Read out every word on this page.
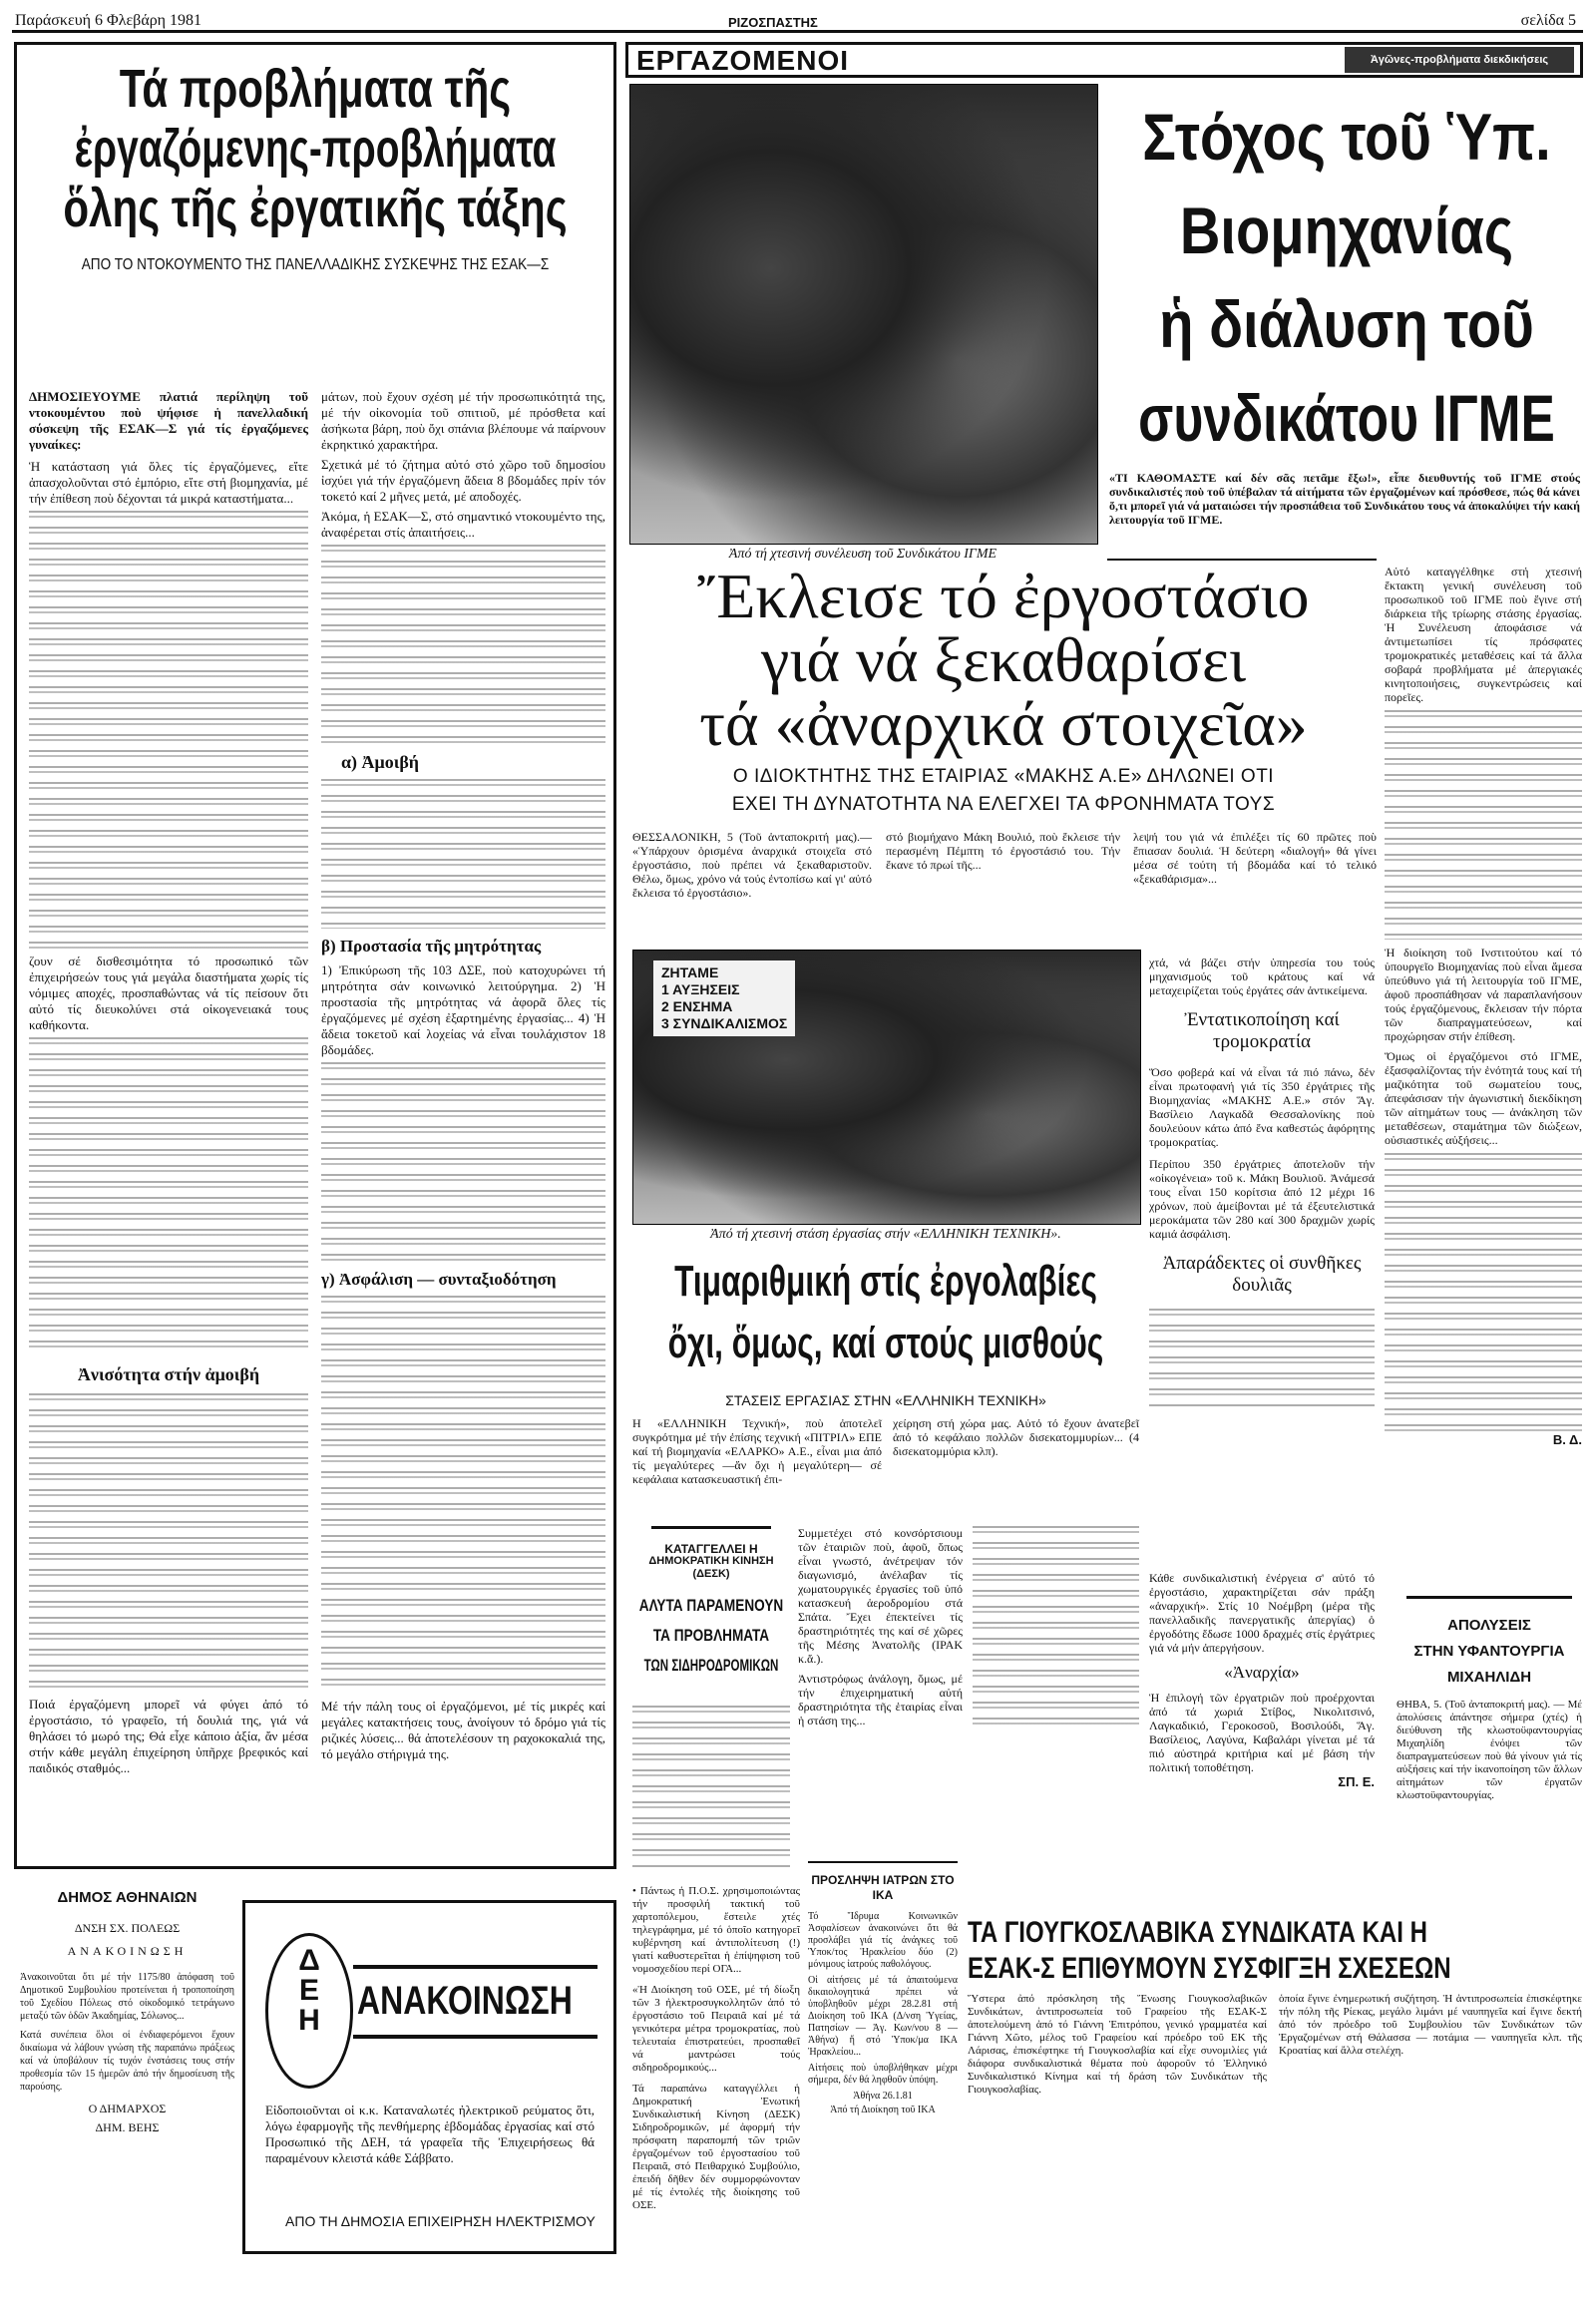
Παράσκευή 6 Φλεβάρη 1981	ΡΙΖΟΣΠΑΣΤΗΣ	σελίδα 5
Τά προβλήματα τῆς
ἐργαζόμενης-προβλήματα
ὅλης τῆς ἐργατικῆς τάξης
ΑΠΟ ΤΟ ΝΤΟΚΟΥΜΕΝΤΟ ΤΗΣ ΠΑΝΕΛΛΑΔΙΚΗΣ ΣΥΣΚΕΨΗΣ ΤΗΣ ΕΣΑΚ—Σ

ΔΗΜΟΣΙΕΥΟΥΜΕ πλατιά περίληψη τοῦ ντοκουμέντου ποὺ ψήφισε ἡ πανελλαδική σύσκεψη τῆς ΕΣΑΚ—Σ γιά τίς ἐργαζόμενες γυναίκες:

Ἡ κατάσταση γιά ὅλες τίς ἐργαζόμενες, εἴτε ἀπασχολοῦνται στό ἐμπόριο, εἴτε στή βιομηχανία, μέ τήν ἐπίθεση ποὺ δέχονται τά μικρά καταστήματα...

ζουν σέ δισθεσιμότητα τό προσωπικό τῶν ἐπιχειρήσεών τους γιά μεγάλα διαστήματα χωρίς τίς νόμιμες αποχές, προσπαθώντας νά τίς πείσουν ὅτι αὐτό τίς διευκολύνει στά οἰκογενειακά τους καθήκοντα.

Ἀνισότητα στήν ἀμοιβή

Ποιά ἐργαζόμενη μπορεῖ νά φύγει ἀπό τό ἐργοστάσιο, τό γραφεῖο, τή δουλιά της, γιά νά θηλάσει τό μωρό της; Θά εἶχε κάποιο ἀξία, ἄν μέσα στήν κάθε μεγάλη ἐπιχείρηση ὑπῆρχε βρεφικός καί παιδικός σταθμός...

μάτων, ποὺ ἔχουν σχέση μέ τήν προσωπικότητά της, μέ τήν οἰκονομία τοῦ σπιτιοῦ, μέ πρόσθετα καί ἀσήκωτα βάρη, ποὺ ὄχι σπάνια βλέπουμε νά παίρνουν ἐκρηκτικό χαρακτήρα.

Σχετικά μέ τό ζήτημα αὐτό στό χῶρο τοῦ δημοσίου ἰσχύει γιά τήν ἐργαζόμενη ἄδεια 8 βδομάδες πρίν τόν τοκετό καί 2 μῆνες μετά, μέ αποδοχές.

Ἀκόμα, ἡ ΕΣΑΚ—Σ, στό σημαντικό ντοκουμέντο της, ἀναφέρεται στίς ἀπαιτήσεις...

α) Ἀμοιβή
β) Προστασία τῆς μητρότητας

1) Ἐπικύρωση τῆς 103 ΔΣΕ, ποὺ κατοχυρώνει τή μητρότητα σάν κοινωνικό λειτούργημα. 2) Ἡ προστασία τῆς μητρότητας νά ἀφορᾶ ὅλες τίς ἐργαζόμενες μέ σχέση ἐξαρτημένης ἐργασίας... 4) Ἡ ἄδεια τοκετοῦ καί λοχείας νά εἶναι τουλάχιστον 18 βδομάδες.

γ) Ἀσφάλιση — συνταξιοδότηση

Μέ τήν πάλη τους οἱ ἐργαζόμενοι, μέ τίς μικρές καί μεγάλες κατακτήσεις τους, ἀνοίγουν τό δρόμο γιά τίς ριζικές λύσεις... θά ἀποτελέσουν τη ραχοκοκαλιά της, τό μεγάλο στήριγμά της.

ΔΗΜΟΣ ΑΘΗΝΑΙΩΝ
ΔΝΣΗ ΣΧ. ΠΟΛΕΩΣ
ΑΝΑΚΟΙΝΩΣΗ

Ἀνακοινοῦται ὅτι μέ τήν 1175/80 ἀπόφαση τοῦ Δημοτικοῦ Συμβουλίου προτείνεται ἡ τροποποίηση τοῦ Σχεδίου Πόλεως στό οἰκοδομικό τετράγωνο μεταξύ τῶν ὁδῶν Ἀκαδημίας, Σόλωνος...

Κατά συνέπεια ὅλοι οἱ ἐνδιαφερόμενοι ἔχουν δικαίωμα νά λάβουν γνώση τῆς παραπάνω πράξεως καί νά ὑποβάλουν τίς τυχόν ἐνστάσεις τους στήν προθεσμία τῶν 15 ἡμερῶν ἀπό τήν δημοσίευση τῆς παρούσης.

Ο ΔΗΜΑΡΧΟΣ
ΔΗΜ. ΒΕΗΣ
Δ
Ε
Η ΑΝΑΚΟΙΝΩΣΗ

Εἰδοποιοῦνται οἱ κ.κ. Καταναλωτές ἠλεκτρικοῦ ρεύματος ὅτι, λόγω ἐφαρμογῆς τῆς πενθήμερης ἑβδομάδας ἐργασίας καί στό Προσωπικό τῆς ΔΕΗ, τά γραφεῖα τῆς Ἐπιχειρήσεως θά παραμένουν κλειστά κάθε Σάββατο.

ΑΠΟ ΤΗ ΔΗΜΟΣΙΑ ΕΠΙΧΕΙΡΗΣΗ ΗΛΕΚΤΡΙΣΜΟΥ
ΕΡΓΑΖΟΜΕΝΟΙ	Ἀγῶνες-προβλήματα διεκδικήσεις
Ἀπό τή χτεσινή συνέλευση τοῦ Συνδικάτου ΙΓΜΕ
Στόχος τοῦ Ὑπ.
Βιομηχανίας
ἡ διάλυση τοῦ
συνδικάτου ΙΓΜΕ

«ΤΙ ΚΑΘΟΜΑΣΤΕ καί δέν σᾶς πετᾶμε ἔξω!», εἶπε διευθυντής τοῦ ΙΓΜΕ στούς συνδικαλιστές ποὺ τοῦ ὑπέβαλαν τά αἰτήματα τῶν ἐργαζομένων καί πρόσθεσε, πώς θά κάνει ὅ,τι μπορεῖ γιά νά ματαιώσει τήν προσπάθεια τοῦ Συνδικάτου τους νά ἀποκαλύψει τήν κακή λειτουργία τοῦ ΙΓΜΕ.

Αὐτό καταγγέλθηκε στή χτεσινή ἔκτακτη γενική συνέλευση τοῦ προσωπικοῦ τοῦ ΙΓΜΕ ποὺ ἔγινε στή διάρκεια τῆς τρίωρης στάσης ἐργασίας. Ἡ Συνέλευση ἀποφάσισε νά ἀντιμετωπίσει τίς πρόσφατες τρομοκρατικές μεταθέσεις καί τά ἄλλα σοβαρά προβλήματα μέ ἀπεργιακές κινητοποιήσεις, συγκεντρώσεις καί πορεῖες.

Ἡ διοίκηση τοῦ Ινστιτούτου καί τό ὑπουργεῖο Βιομηχανίας ποὺ εἶναι ἄμεσα ὑπεύθυνο γιά τή λειτουργία τοῦ ΙΓΜΕ, ἀφοῦ προσπάθησαν νά παραπλανήσουν τούς ἐργαζόμενους, ἔκλεισαν τήν πόρτα τῶν διαπραγματεύσεων, καί προχώρησαν στήν ἐπίθεση.

Ὅμως οἱ ἐργαζόμενοι στό ΙΓΜΕ, ἐξασφαλίζοντας τήν ἑνότητά τους καί τή μαζικότητα τοῦ σωματείου τους, ἀπεφάσισαν τήν ἀγωνιστική διεκδίκηση τῶν αἰτημάτων τους — ἀνάκληση τῶν μεταθέσεων, σταμάτημα τῶν διώξεων, οὐσιαστικές αὐξήσεις...

Β. Δ.
Ἔκλεισε τό ἐργοστάσιο
γιά νά ξεκαθαρίσει
τά «ἀναρχικά στοιχεῖα»
Ο ΙΔΙΟΚΤΗΤΗΣ ΤΗΣ ΕΤΑΙΡΙΑΣ «ΜΑΚΗΣ Α.Ε» ΔΗΛΩΝΕΙ ΟΤΙ
ΕΧΕΙ ΤΗ ΔΥΝΑΤΟΤΗΤΑ ΝΑ ΕΛΕΓΧΕΙ ΤΑ ΦΡΟΝΗΜΑΤΑ ΤΟΥΣ

ΘΕΣΣΑΛΟΝΙΚΗ, 5 (Τοῦ ἀνταποκριτή μας).— «Ὑπάρχουν ὁρισμένα ἀναρχικά στοιχεῖα στό ἐργοστάσιο, ποὺ πρέπει νά ξεκαθαριστοῦν. Θέλω, ὅμως, χρόνο νά τούς ἐντοπίσω καί γι' αὐτό ἔκλεισα τό ἐργοστάσιο».

στό βιομήχανο Μάκη Βουλιό, ποὺ ἔκλεισε τήν περασμένη Πέμπτη τό ἐργοστάσιό του. Τήν ἔκανε τό πρωί τῆς...

λεψή του γιά νά ἐπιλέξει τίς 60 πρῶτες ποὺ ἔπιασαν δουλιά. Ἡ δεύτερη «διαλογή» θά γίνει μέσα σέ τούτη τή βδομάδα καί τό τελικό «ξεκαθάρισμα»...

ΖΗΤΑΜΕ
1 ΑΥΞΗΣΕΙΣ
2 ΕΝΣΗΜΑ
3 ΣΥΝΔΙΚΑΛΙΣΜΟΣ
Ἀπό τή χτεσινή στάση ἐργασίας στήν «ΕΛΛΗΝΙΚΗ ΤΕΧΝΙΚΗ».

χτά, νά βάζει στήν ὑπηρεσία του τούς μηχανισμούς τοῦ κράτους καί νά μεταχειρίζεται τούς ἐργάτες σάν ἀντικείμενα.

Ἐντατικοποίηση καί τρομοκρατία

Ὅσο φοβερά καί νά εἶναι τά πιό πάνω, δέν εἶναι πρωτοφανή γιά τίς 350 ἐργάτριες τῆς Βιομηχανίας «ΜΑΚΗΣ Α.Ε.» στόν Ἅγ. Βασίλειο Λαγκαδᾶ Θεσσαλονίκης ποὺ δουλεύουν κάτω ἀπό ἕνα καθεστώς ἀφόρητης τρομοκρατίας.

Περίπου 350 ἐργάτριες ἀποτελοῦν τήν «οἰκογένεια» τοῦ κ. Μάκη Βουλιοῦ. Ἀνάμεσά τους εἶναι 150 κορίτσια ἀπό 12 μέχρι 16 χρόνων, ποὺ ἀμείβονται μέ τά ἐξευτελιστικά μεροκάματα τῶν 280 καί 300 δραχμῶν χωρίς καμιά ἀσφάλιση.

Ἀπαράδεκτες οἱ συνθῆκες δουλιᾶς
Τιμαριθμική στίς ἐργολαβίες
ὄχι, ὅμως, καί στούς μισθούς
ΣΤΑΣΕΙΣ ΕΡΓΑΣΙΑΣ ΣΤΗΝ «ΕΛΛΗΝΙΚΗ ΤΕΧΝΙΚΗ»

Η «ΕΛΛΗΝΙΚΗ Τεχνική», ποὺ ἀποτελεῖ συγκρότημα μέ τήν ἐπίσης τεχνική «ΠΙΤΡΙΛ» ΕΠΕ καί τή βιομηχανία «ΕΛΑΡΚΟ» Α.Ε., εἶναι μια ἀπό τίς μεγαλύτερες —ἄν ὄχι ἡ μεγαλύτερη— σέ κεφάλαια κατασκευαστική ἐπι-

χείρηση στή χώρα μας. Αὐτό τό ἔχουν ἀνατεβεῖ ἀπό τό κεφάλαιο πολλῶν δισεκατομμυρίων... (4 δισεκατομμύρια κλπ).

Συμμετέχει στό κονσόρτσιουμ τῶν ἑταιριῶν ποὺ, ἀφοῦ, ὅπως εἶναι γνωστό, ἀνέτρεψαν τόν διαγωνισμό, ἀνέλαβαν τίς χωματουργικές ἐργασίες τοῦ ὑπό κατασκευή ἀεροδρομίου στά Σπάτα. Ἔχει ἐπεκτείνει τίς δραστηριότητές της καί σέ χῶρες τῆς Μέσης Ἀνατολῆς (ΙΡΑΚ κ.ἄ.).

Ἀντιστρόφως ἀνάλογη, ὅμως, μέ τήν ἐπιχειρηματική αὐτή δραστηριότητα τῆς ἑταιρίας εἶναι ἡ στάση της...

Κάθε συνδικαλιστική ἐνέργεια σ' αὐτό τό ἐργοστάσιο, χαρακτηρίζεται σάν πράξη «ἀναρχική». Στίς 10 Νοέμβρη (μέρα τῆς πανελλαδικῆς πανεργατικῆς ἀπεργίας) ὁ ἐργοδότης ἔδωσε 1000 δραχμές στίς ἐργάτριες γιά νά μήν ἀπεργήσουν.

«Ἀναρχία»

Ἡ ἐπιλογή τῶν ἐργατριῶν ποὺ προέρχονται ἀπό τά χωριά Στίβος, Νικολιτσινό, Λαγκαδικιό, Γεροκοσοῦ, Βοσιλούδι, Ἅγ. Βασίλειος, Λαγύνα, Καβαλάρι γίνεται μέ τά πιό αὐστηρά κριτήρια καί μέ βάση τήν πολιτική τοποθέτηση.

ΣΠ. Ε.
ΚΑΤΑΓΓΕΛΛΕΙ Η
ΔΗΜΟΚΡΑΤΙΚΗ ΚΙΝΗΣΗ (ΔΕΣΚ)
ΑΛΥΤΑ ΠΑΡΑΜΕΝΟΥΝ
ΤΑ ΠΡΟΒΛΗΜΑΤΑ
ΤΩΝ ΣΙΔΗΡΟΔΡΟΜΙΚΩΝ

• Πάντως ἡ Π.Ο.Σ. χρησιμοποιώντας τήν προσφιλή τακτική τοῦ χαρτοπόλεμου, ἔστειλε χτές τηλεγράφημα, μέ τό ὁποῖο κατηγορεῖ κυβέρνηση καί ἀντιπολίτευση (!) γιατί καθυστερεῖται ἡ ἐπίψηφιση τοῦ νομοσχεδίου περί ΟΓΑ...

«Ἡ Διοίκηση τοῦ ΟΣΕ, μέ τή δίωξη τῶν 3 ἠλεκτροσυγκολλητῶν ἀπό τό ἐργοστάσιο τοῦ Πειραιᾶ καί μέ τά γενικότερα μέτρα τρομοκρατίας, ποὺ τελευταία ἐπιστρατεύει, προσπαθεῖ νά μαντρώσει τούς σιδηροδρομικούς...

Τά παραπάνω καταγγέλλει ἡ Δημοκρατική Ἑνωτική Συνδικαλιστική Κίνηση (ΔΕΣΚ) Σιδηροδρομικῶν, μέ ἀφορμή τήν πρόσφατη παραπομπή τῶν τριῶν ἐργαζομένων τοῦ ἐργοστασίου τοῦ Πειραιᾶ, στό Πειθαρχικό Συμβούλιο, ἐπειδή δῆθεν δέν συμμορφώνονταν μέ τίς ἐντολές τῆς διοίκησης τοῦ ΟΣΕ.

ΠΡΟΣΛΗΨΗ ΙΑΤΡΩΝ ΣΤΟ ΙΚΑ

Τό Ἵδρυμα Κοινωνικῶν Ἀσφαλίσεων ἀνακοινώνει ὅτι θά προσλάβει γιά τίς ἀνάγκες τοῦ Ὑποκ/τος Ἡρακλείου δύο (2) μόνιμους ἰατρούς παθολόγους.

Οἱ αἰτήσεις μέ τά ἀπαιτούμενα δικαιολογητικά πρέπει νά ὑποβληθοῦν μέχρι 28.2.81 στή Διοίκηση τοῦ ΙΚΑ (Δ/νση Ὑγείας, Πατησίων — Ἀγ. Κων/νου 8 — Ἀθήνα) ἤ στό Ὑποκ/μα ΙΚΑ Ἡρακλείου...

Αἰτήσεις ποὺ ὑποβλήθηκαν μέχρι σήμερα, δέν θά ληφθοῦν ὑπόψη.

Ἀθήνα 26.1.81
Ἀπό τή Διοίκηση τοῦ ΙΚΑ
ΑΠΟΛΥΣΕΙΣ
ΣΤΗΝ ΥΦΑΝΤΟΥΡΓΙΑ
ΜΙΧΑΗΛΙΔΗ

ΘΗΒΑ, 5. (Τοῦ ἀνταποκριτή μας). — Μέ ἀπολύσεις ἀπάντησε σήμερα (χτές) ἡ διεύθυνση τῆς κλωστοϋφαντουργίας Μιχαηλίδη ἐνόψει τῶν διαπραγματεύσεων ποὺ θά γίνουν γιά τίς αὐξήσεις καί τήν ἱκανοποίηση τῶν ἄλλων αἰτημάτων τῶν ἐργατῶν κλωστοϋφαντουργίας.

ΤΑ ΓΙΟΥΓΚΟΣΛΑΒΙΚΑ ΣΥΝΔΙΚΑΤΑ ΚΑΙ Η
ΕΣΑΚ-Σ ΕΠΙΘΥΜΟΥΝ ΣΥΣΦΙΓΞΗ ΣΧΕΣΕΩΝ

Ὕστερα ἀπό πρόσκληση τῆς Ἕνωσης Γιουγκοσλαβικῶν Συνδικάτων, ἀντιπροσωπεία τοῦ Γραφείου τῆς ΕΣΑΚ-Σ ἀποτελούμενη ἀπό τό Γιάννη Ἐπιτρόπου, γενικό γραμματέα καί Γιάννη Χῶτο, μέλος τοῦ Γραφείου καί πρόεδρο τοῦ ΕΚ τῆς Λάρισας, ἐπισκέφτηκε τή Γιουγκοσλαβία καί εἶχε συνομιλίες γιά διάφορα συνδικαλιστικά θέματα ποὺ ἀφοροῦν τό Ἑλληνικό Συνδικαλιστικό Κίνημα καί τή δράση τῶν Συνδικάτων τῆς Γιουγκοσλαβίας.

ὁποία ἔγινε ἐνημερωτική συζήτηση. Ἡ ἀντιπροσωπεία ἐπισκέφτηκε τήν πόλη τῆς Ρίεκας, μεγάλο λιμάνι μέ ναυπηγεῖα καί ἔγινε δεκτή ἀπό τόν πρόεδρο τοῦ Συμβουλίου τῶν Συνδικάτων τῶν Ἐργαζομένων στή Θάλασσα — ποτάμια — ναυπηγεῖα κλπ. τῆς Κροατίας καί ἄλλα στελέχη.
